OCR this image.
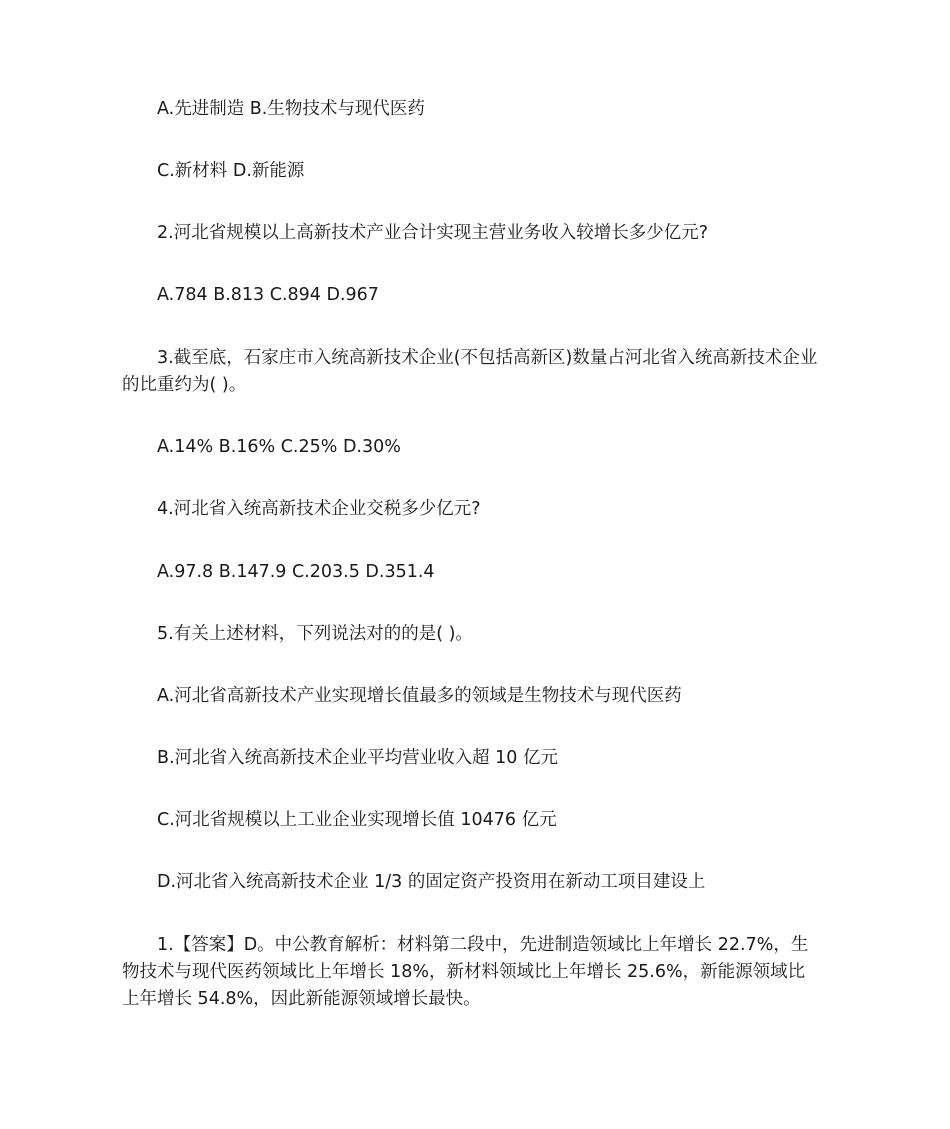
A.先进制造 B.生物技术与现代医药

C.新材料 D.新能源

2.河北省规模以上高新技术产业合计实现主营业务收入较增长多少亿元?

A.784 B.813 C.894 D.967

3.截至底，石家庄市入统高新技术企业(不包括高新区)数量占河北省入统高新技术企业的比重约为( )。

A.14% B.16% C.25% D.30%

4.河北省入统高新技术企业交税多少亿元?

A.97.8 B.147.9 C.203.5 D.351.4

5.有关上述材料，下列说法对的的是( )。

A.河北省高新技术产业实现增长值最多的领域是生物技术与现代医药

B.河北省入统高新技术企业平均营业收入超 10 亿元

C.河北省规模以上工业企业实现增长值 10476 亿元

D.河北省入统高新技术企业 1/3 的固定资产投资用在新动工项目建设上

1.【答案】D。中公教育解析：材料第二段中，先进制造领域比上年增长 22.7%，生物技术与现代医药领域比上年增长 18%，新材料领域比上年增长 25.6%，新能源领域比上年增长 54.8%，因此新能源领域增长最快。
